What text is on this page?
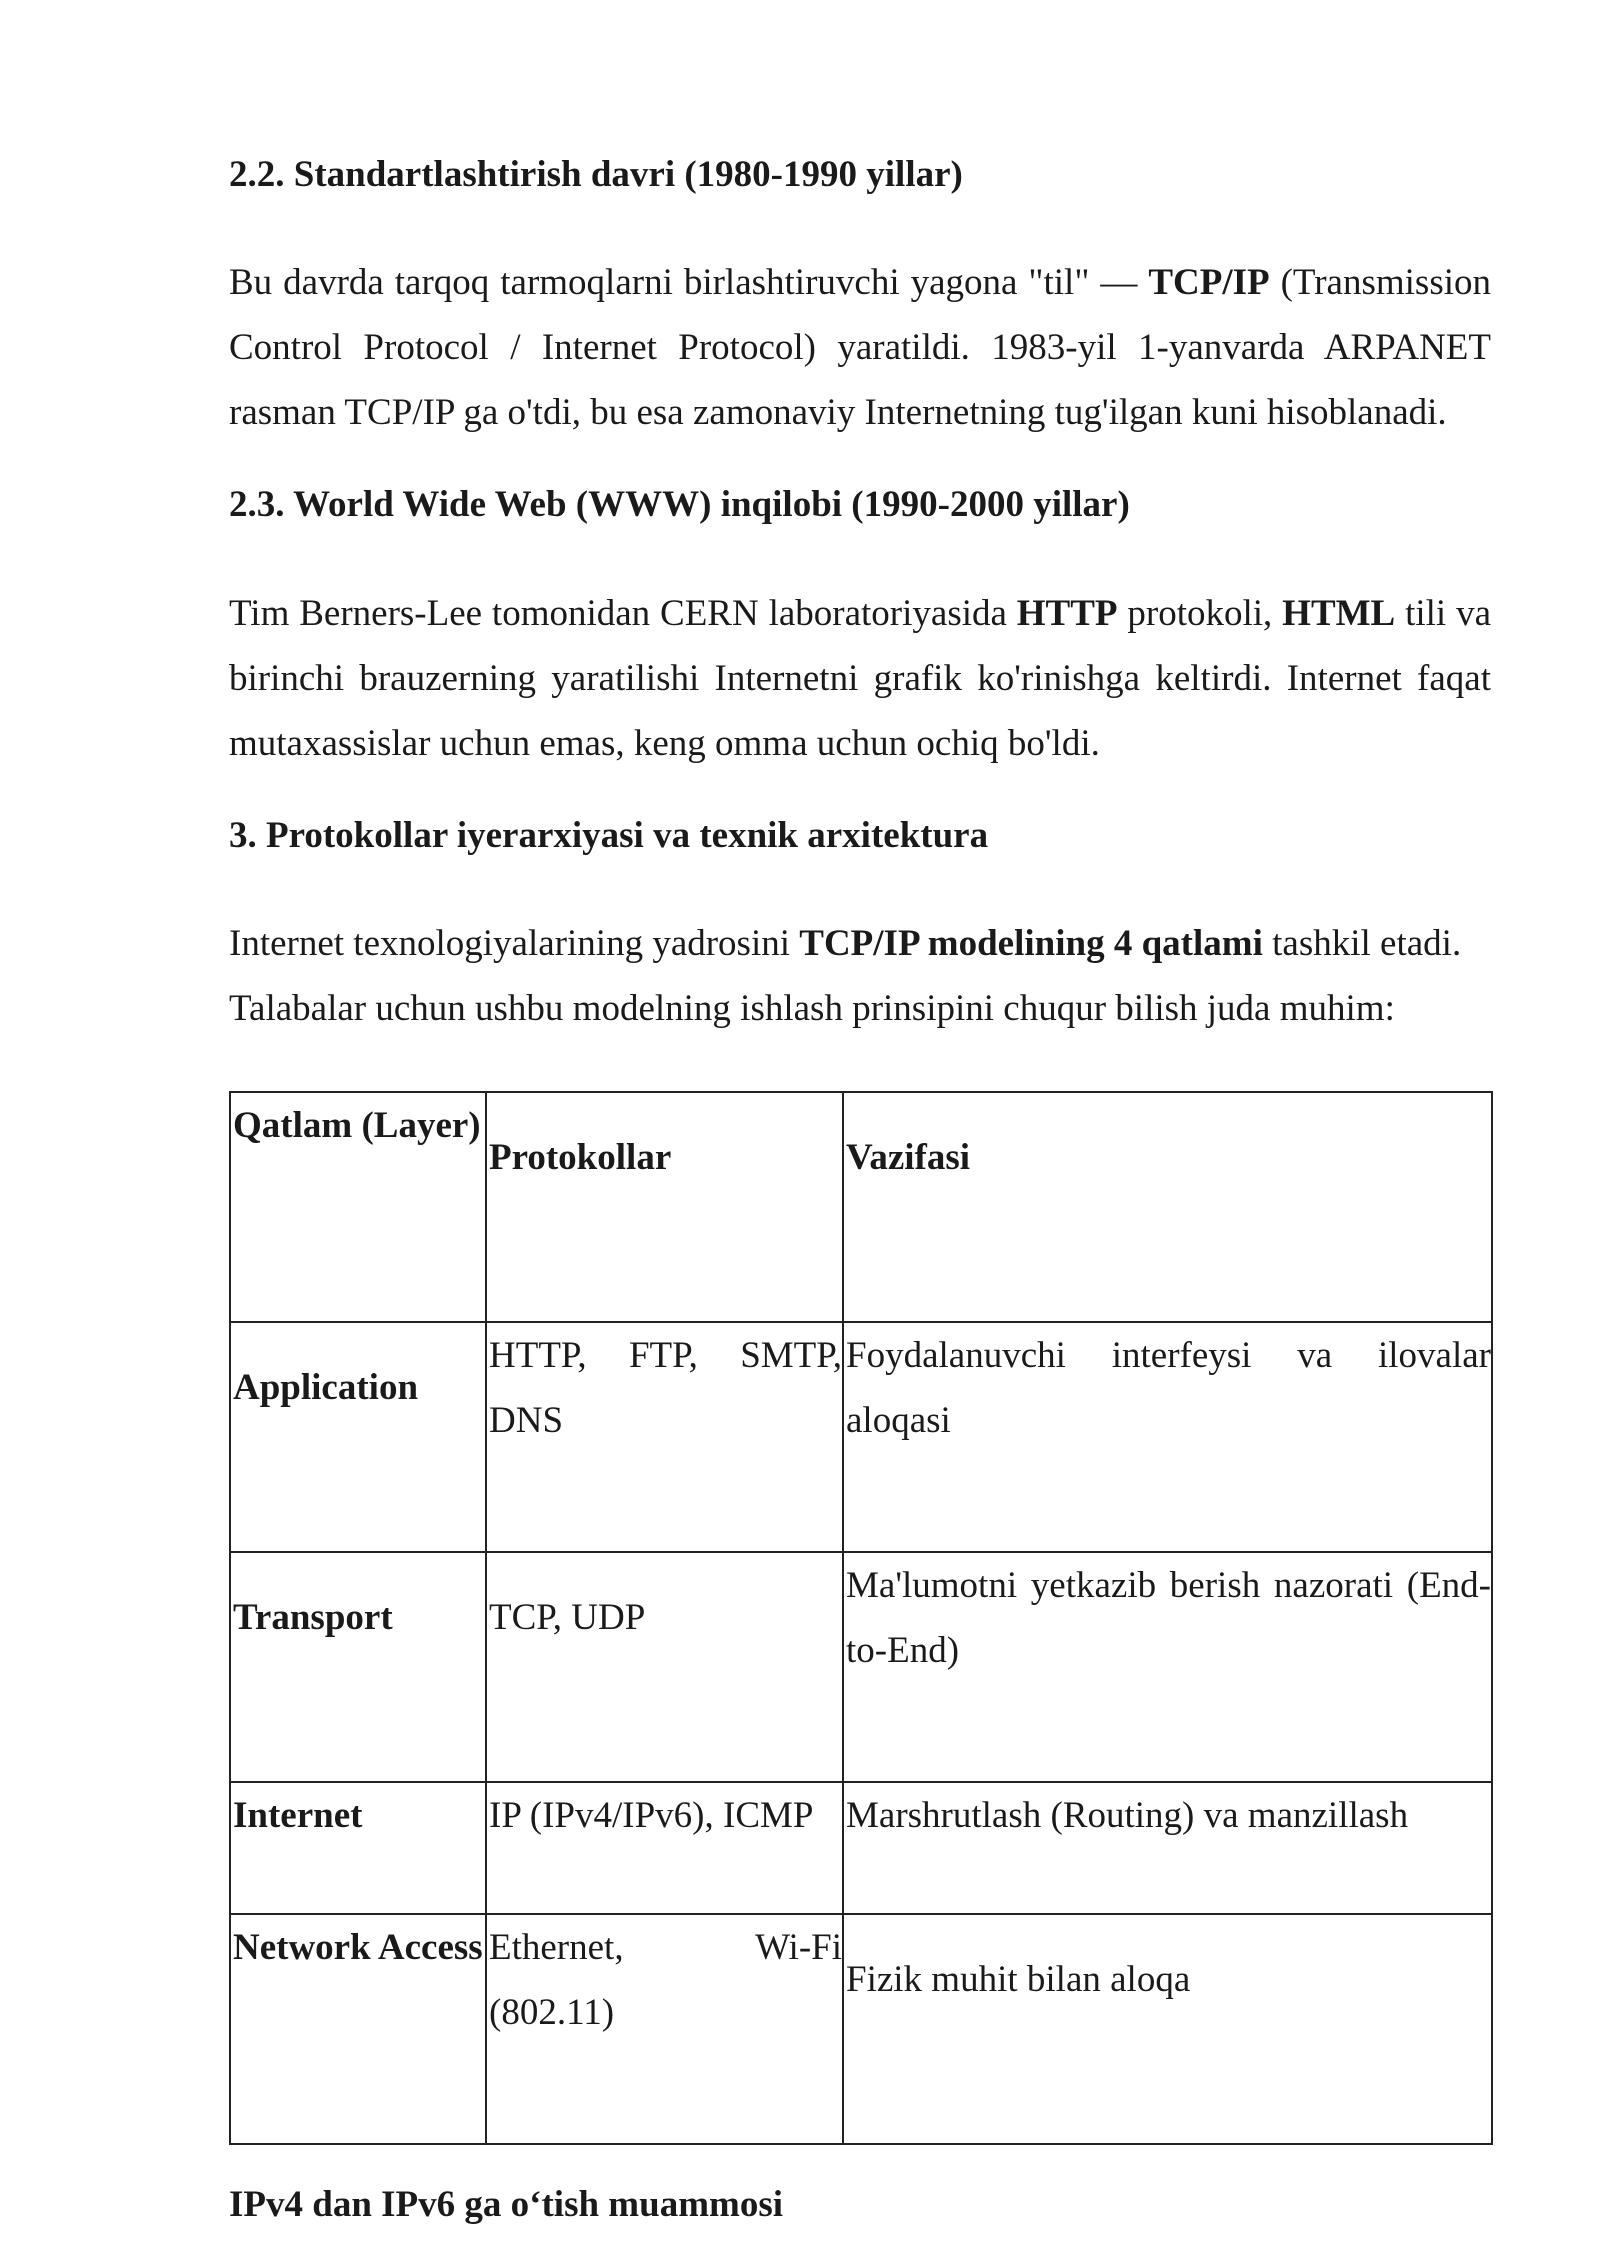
2.2. Standartlashtirish davri (1980-1990 yillar)

Bu davrda tarqoq tarmoqlarni birlashtiruvchi yagona "til" — TCP/IP (Transmission Control Protocol / Internet Protocol) yaratildi. 1983-yil 1-yanvarda ARPANET rasman TCP/IP ga o'tdi, bu esa zamonaviy Internetning tug'ilgan kuni hisoblanadi.

2.3. World Wide Web (WWW) inqilobi (1990-2000 yillar)

Tim Berners-Lee tomonidan CERN laboratoriyasida HTTP protokoli, HTML tili va birinchi brauzerning yaratilishi Internetni grafik ko'rinishga keltirdi. Internet faqat mutaxassislar uchun emas, keng omma uchun ochiq bo'ldi.

3. Protokollar iyerarxiyasi va texnik arxitektura

Internet texnologiyalarining yadrosini TCP/IP modelining 4 qatlami tashkil etadi. Talabalar uchun ushbu modelning ishlash prinsipini chuqur bilish juda muhim:

Qatlam (Layer)	Protokollar	Vazifasi
Application	HTTP, FTP, SMTP, DNS	Foydalanuvchi interfeysi va ilovalar aloqasi
Transport	TCP, UDP	Ma'lumotni yetkazib berish nazorati (End-to-End)
Internet	IP (IPv4/IPv6), ICMP	Marshrutlash (Routing) va manzillash
Network Access	Ethernet, Wi-Fi (802.11)	Fizik muhit bilan aloqa
IPv4 dan IPv6 ga o‘tish muammosi
